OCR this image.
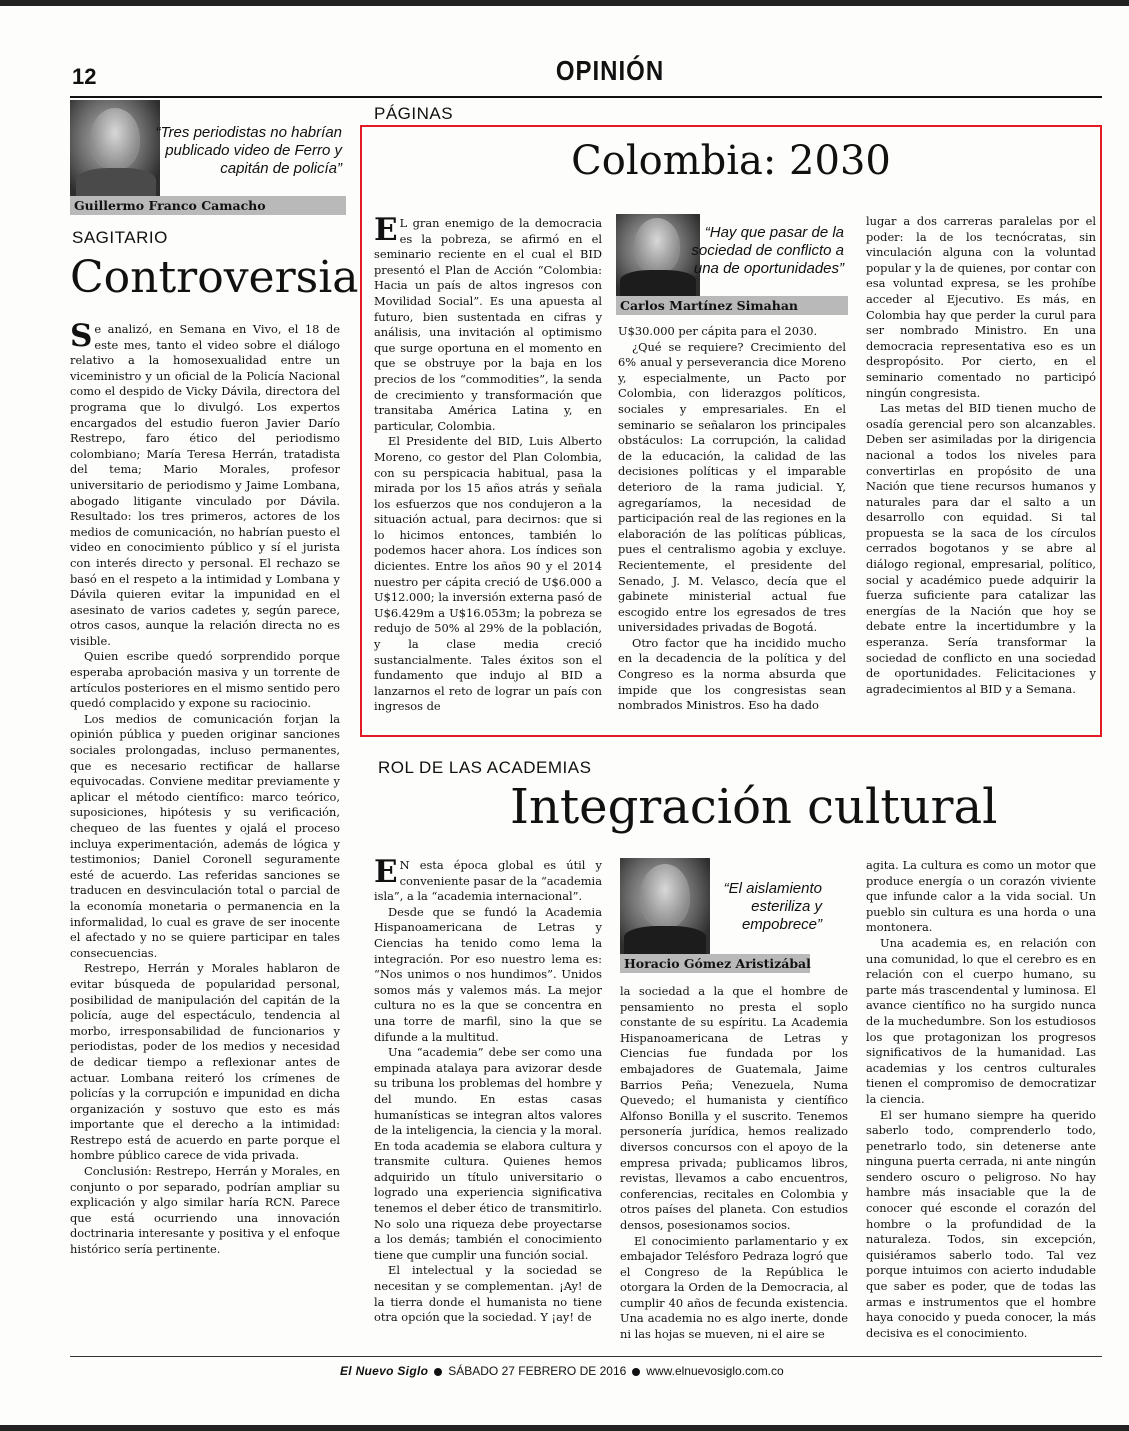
12	OPINIÓN
“Tres periodistas no habrían publicado video de Ferro y capitán de policía”
Guillermo Franco Camacho
SAGITARIO
Controversia

Se analizó, en Semana en Vivo, el 18 de este mes, tanto el video sobre el diálogo relativo a la homosexualidad entre un viceministro y un oficial de la Policía Nacional como el despido de Vicky Dávila, directora del programa que lo divulgó. Los expertos encargados del estudio fueron Javier Darío Restrepo, faro ético del periodismo colombiano; María Teresa Herrán, tratadista del tema; Mario Morales, profesor universitario de periodismo y Jaime Lombana, abogado litigante vinculado por Dávila. Resultado: los tres primeros, actores de los medios de comunicación, no habrían puesto el video en conocimiento público y sí el jurista con interés directo y personal. El rechazo se basó en el respeto a la intimidad y Lombana y Dávila quieren evitar la impunidad en el asesinato de varios cadetes y, según parece, otros casos, aunque la relación directa no es visible.

Quien escribe quedó sorprendido porque esperaba aprobación masiva y un torrente de artículos posteriores en el mismo sentido pero quedó complacido y expone su raciocinio.

Los medios de comunicación forjan la opinión pública y pueden originar sanciones sociales prolongadas, incluso permanentes, que es necesario rectificar de hallarse equivocadas. Conviene meditar previamente y aplicar el método científico: marco teórico, suposiciones, hipótesis y su verificación, chequeo de las fuentes y ojalá el proceso incluya experimentación, además de lógica y testimonios; Daniel Coronell seguramente esté de acuerdo. Las referidas sanciones se traducen en desvinculación total o parcial de la economía monetaria o permanencia en la informalidad, lo cual es grave de ser inocente el afectado y no se quiere participar en tales consecuencias.

Restrepo, Herrán y Morales hablaron de evitar búsqueda de popularidad personal, posibilidad de manipulación del capitán de la policía, auge del espectáculo, tendencia al morbo, irresponsabilidad de funcionarios y periodistas, poder de los medios y necesidad de dedicar tiempo a reflexionar antes de actuar. Lombana reiteró los crímenes de policías y la corrupción e impunidad en dicha organización y sostuvo que esto es más importante que el derecho a la intimidad: Restrepo está de acuerdo en parte porque el hombre público carece de vida privada.

Conclusión: Restrepo, Herrán y Morales, en conjunto o por separado, podrían ampliar su explicación y algo similar haría RCN. Parece que está ocurriendo una innovación doctrinaria interesante y positiva y el enfoque histórico sería pertinente.

PÁGINAS
Colombia: 2030

E L gran enemigo de la democracia es la pobreza, se afirmó en el seminario reciente en el cual el BID presentó el Plan de Acción “Colombia: Hacia un país de altos ingresos con Movilidad Social”. Es una apuesta al futuro, bien sustentada en cifras y análisis, una invitación al optimismo que surge oportuna en el momento en que se obstruye por la baja en los precios de los “commodities”, la senda de crecimiento y transformación que transitaba América Latina y, en particular, Colombia.

El Presidente del BID, Luis Alberto Moreno, co gestor del Plan Colombia, con su perspicacia habitual, pasa la mirada por los 15 años atrás y señala los esfuerzos que nos condujeron a la situación actual, para decirnos: que si lo hicimos entonces, también lo podemos hacer ahora. Los índices son dicientes. Entre los años 90 y el 2014 nuestro per cápita creció de U$6.000 a U$12.000; la inversión externa pasó de U$6.429m a U$16.053m; la pobreza se redujo de 50% al 29% de la población, y la clase media creció sustancialmente. Tales éxitos son el fundamento que indujo al BID a lanzarnos el reto de lograr un país con ingresos de

“Hay que pasar de la sociedad de conflicto a una de oportunidades”
Carlos Martínez Simahan

U$30.000 per cápita para el 2030.

¿Qué se requiere? Crecimiento del 6% anual y perseverancia dice Moreno y, especialmente, un Pacto por Colombia, con liderazgos políticos, sociales y empresariales. En el seminario se señalaron los principales obstáculos: La corrupción, la calidad de la educación, la calidad de las decisiones políticas y el imparable deterioro de la rama judicial. Y, agregaríamos, la necesidad de participación real de las regiones en la elaboración de las políticas públicas, pues el centralismo agobia y excluye. Recientemente, el presidente del Senado, J. M. Velasco, decía que el gabinete ministerial actual fue escogido entre los egresados de tres universidades privadas de Bogotá.

Otro factor que ha incidido mucho en la decadencia de la política y del Congreso es la norma absurda que impide que los congresistas sean nombrados Ministros. Eso ha dado

lugar a dos carreras paralelas por el poder: la de los tecnócratas, sin vinculación alguna con la voluntad popular y la de quienes, por contar con esa voluntad expresa, se les prohíbe acceder al Ejecutivo. Es más, en Colombia hay que perder la curul para ser nombrado Ministro. En una democracia representativa eso es un despropósito. Por cierto, en el seminario comentado no participó ningún congresista.

Las metas del BID tienen mucho de osadía gerencial pero son alcanzables. Deben ser asimiladas por la dirigencia nacional a todos los niveles para convertirlas en propósito de una Nación que tiene recursos humanos y naturales para dar el salto a un desarrollo con equidad. Si tal propuesta se la saca de los círculos cerrados bogotanos y se abre al diálogo regional, empresarial, político, social y académico puede adquirir la fuerza suficiente para catalizar las energías de la Nación que hoy se debate entre la incertidumbre y la esperanza. Sería transformar la sociedad de conflicto en una sociedad de oportunidades. Felicitaciones y agradecimientos al BID y a Semana.

ROL DE LAS ACADEMIAS
Integración cultural

E N esta época global es útil y conveniente pasar de la “academia isla”, a la “academia internacional”.

Desde que se fundó la Academia Hispanoamericana de Letras y Ciencias ha tenido como lema la integración. Por eso nuestro lema es: “Nos unimos o nos hundimos”. Unidos somos más y valemos más. La mejor cultura no es la que se concentra en una torre de marfil, sino la que se difunde a la multitud.

Una “academia” debe ser como una empinada atalaya para avizorar desde su tribuna los problemas del hombre y del mundo. En estas casas humanísticas se integran altos valores de la inteligencia, la ciencia y la moral. En toda academia se elabora cultura y transmite cultura. Quienes hemos adquirido un título universitario o logrado una experiencia significativa tenemos el deber ético de transmitirlo. No solo una riqueza debe proyectarse a los demás; también el conocimiento tiene que cumplir una función social.

El intelectual y la sociedad se necesitan y se complementan. ¡Ay! de la tierra donde el humanista no tiene otra opción que la sociedad. Y ¡ay! de

“El aislamiento esteriliza y empobrece”
Horacio Gómez Aristizábal

la sociedad a la que el hombre de pensamiento no presta el soplo constante de su espíritu. La Academia Hispanoamericana de Letras y Ciencias fue fundada por los embajadores de Guatemala, Jaime Barrios Peña; Venezuela, Numa Quevedo; el humanista y científico Alfonso Bonilla y el suscrito. Tenemos personería jurídica, hemos realizado diversos concursos con el apoyo de la empresa privada; publicamos libros, revistas, llevamos a cabo encuentros, conferencias, recitales en Colombia y otros países del planeta. Con estudios densos, posesionamos socios.

El conocimiento parlamentario y ex embajador Telésforo Pedraza logró que el Congreso de la República le otorgara la Orden de la Democracia, al cumplir 40 años de fecunda existencia. Una academia no es algo inerte, donde ni las hojas se mueven, ni el aire se

agita. La cultura es como un motor que produce energía o un corazón viviente que infunde calor a la vida social. Un pueblo sin cultura es una horda o una montonera.

Una academia es, en relación con una comunidad, lo que el cerebro es en relación con el cuerpo humano, su parte más trascendental y luminosa. El avance científico no ha surgido nunca de la muchedumbre. Son los estudiosos los que protagonizan los progresos significativos de la humanidad. Las academias y los centros culturales tienen el compromiso de democratizar la ciencia.

El ser humano siempre ha querido saberlo todo, comprenderlo todo, penetrarlo todo, sin detenerse ante ninguna puerta cerrada, ni ante ningún sendero oscuro o peligroso. No hay hambre más insaciable que la de conocer qué esconde el corazón del hombre o la profundidad de la naturaleza. Todos, sin excepción, quisiéramos saberlo todo. Tal vez porque intuimos con acierto indudable que saber es poder, que de todas las armas e instrumentos que el hombre haya conocido y pueda conocer, la más decisiva es el conocimiento.

El Nuevo Siglo SÁBADO 27 FEBRERO DE 2016 www.elnuevosiglo.com.co
